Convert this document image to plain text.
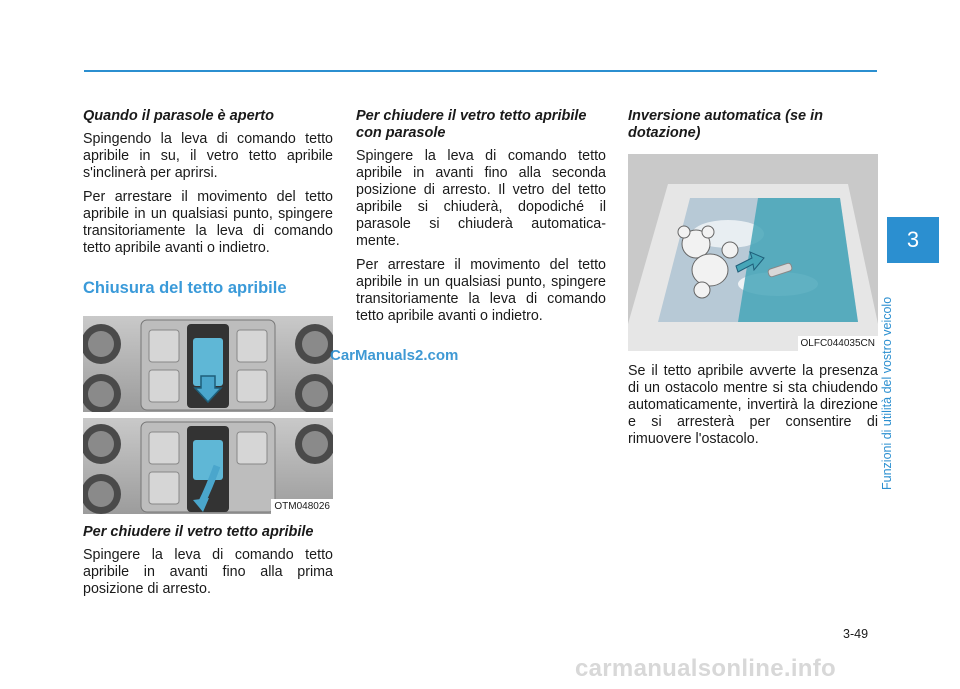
Quando il parasole è aperto

Spingendo la leva di comando tetto apribile in su, il vetro tetto apribile s'inclinerà per aprirsi.

Per arrestare il movimento del tetto apribile in un qualsiasi punto, spingere transitoriamente la leva di comando tetto apribile avanti o indietro.

Chiusura del tetto apribile
OTM048026
Per chiudere il vetro tetto apribile

Spingere la leva di comando tetto apribile in avanti fino alla prima posizione di arresto.

Per chiudere il vetro tetto apribile con parasole

Spingere la leva di comando tetto apribile in avanti fino alla seconda posizione di arresto. Il vetro del tetto apribile si chiuderà, dopodiché il parasole si chiuderà automatica-mente.

Per arrestare il movimento del tetto apribile in un qualsiasi punto, spingere transitoriamente la leva di comando tetto apribile avanti o indietro.

Inversione automatica (se in dotazione)
OLFC044035CN

Se il tetto apribile avverte la presenza di un ostacolo mentre si sta chiudendo automaticamente, invertirà la direzione e si arresterà per consentire di rimuovere l'ostacolo.

3
Funzioni di utilità del vostro veicolo
3-49
CarManuals2.com
carmanualsonline.info
